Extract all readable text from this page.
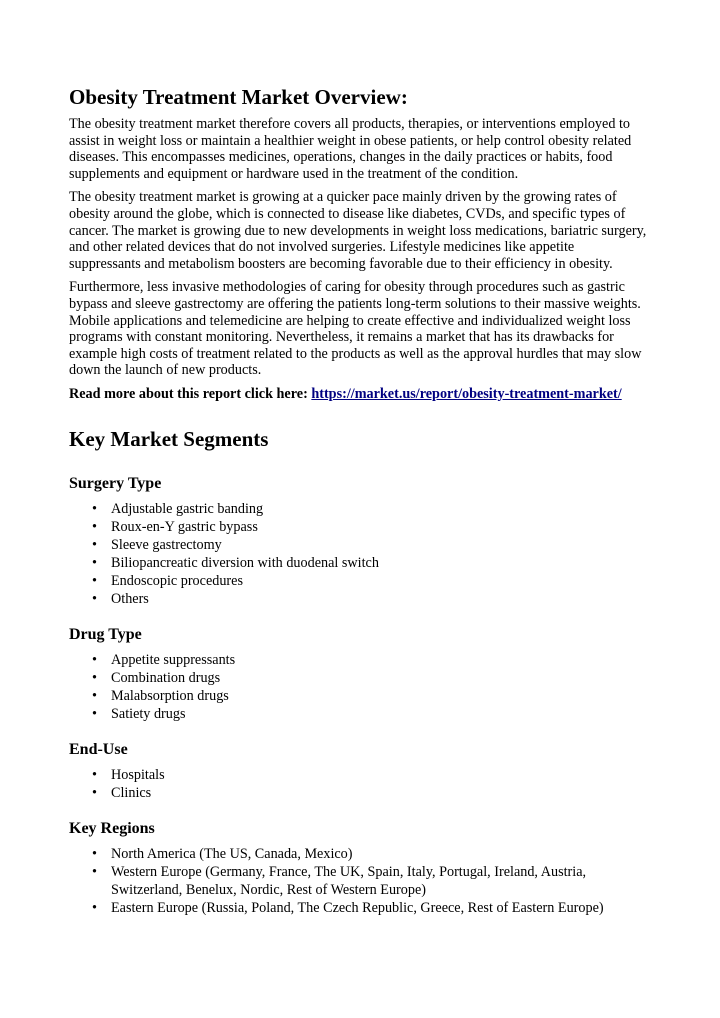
Obesity Treatment Market Overview:

The obesity treatment market therefore covers all products, therapies, or interventions employed to assist in weight loss or maintain a healthier weight in obese patients, or help control obesity related diseases. This encompasses medicines, operations, changes in the daily practices or habits, food supplements and equipment or hardware used in the treatment of the condition.

The obesity treatment market is growing at a quicker pace mainly driven by the growing rates of obesity around the globe, which is connected to disease like diabetes, CVDs, and specific types of cancer. The market is growing due to new developments in weight loss medications, bariatric surgery, and other related devices that do not involved surgeries. Lifestyle medicines like appetite suppressants and metabolism boosters are becoming favorable due to their efficiency in obesity.

Furthermore, less invasive methodologies of caring for obesity through procedures such as gastric bypass and sleeve gastrectomy are offering the patients long-term solutions to their massive weights. Mobile applications and telemedicine are helping to create effective and individualized weight loss programs with constant monitoring. Nevertheless, it remains a market that has its drawbacks for example high costs of treatment related to the products as well as the approval hurdles that may slow down the launch of new products.

Read more about this report click here: https://market.us/report/obesity-treatment-market/

Key Market Segments
Surgery Type
• Adjustable gastric banding
• Roux-en-Y gastric bypass
• Sleeve gastrectomy
• Biliopancreatic diversion with duodenal switch
• Endoscopic procedures
• Others
Drug Type
• Appetite suppressants
• Combination drugs
• Malabsorption drugs
• Satiety drugs
End-Use
• Hospitals
• Clinics
Key Regions
• North America (The US, Canada, Mexico)
• Western Europe (Germany, France, The UK, Spain, Italy, Portugal, Ireland, Austria, Switzerland, Benelux, Nordic, Rest of Western Europe)
• Eastern Europe (Russia, Poland, The Czech Republic, Greece, Rest of Eastern Europe)
